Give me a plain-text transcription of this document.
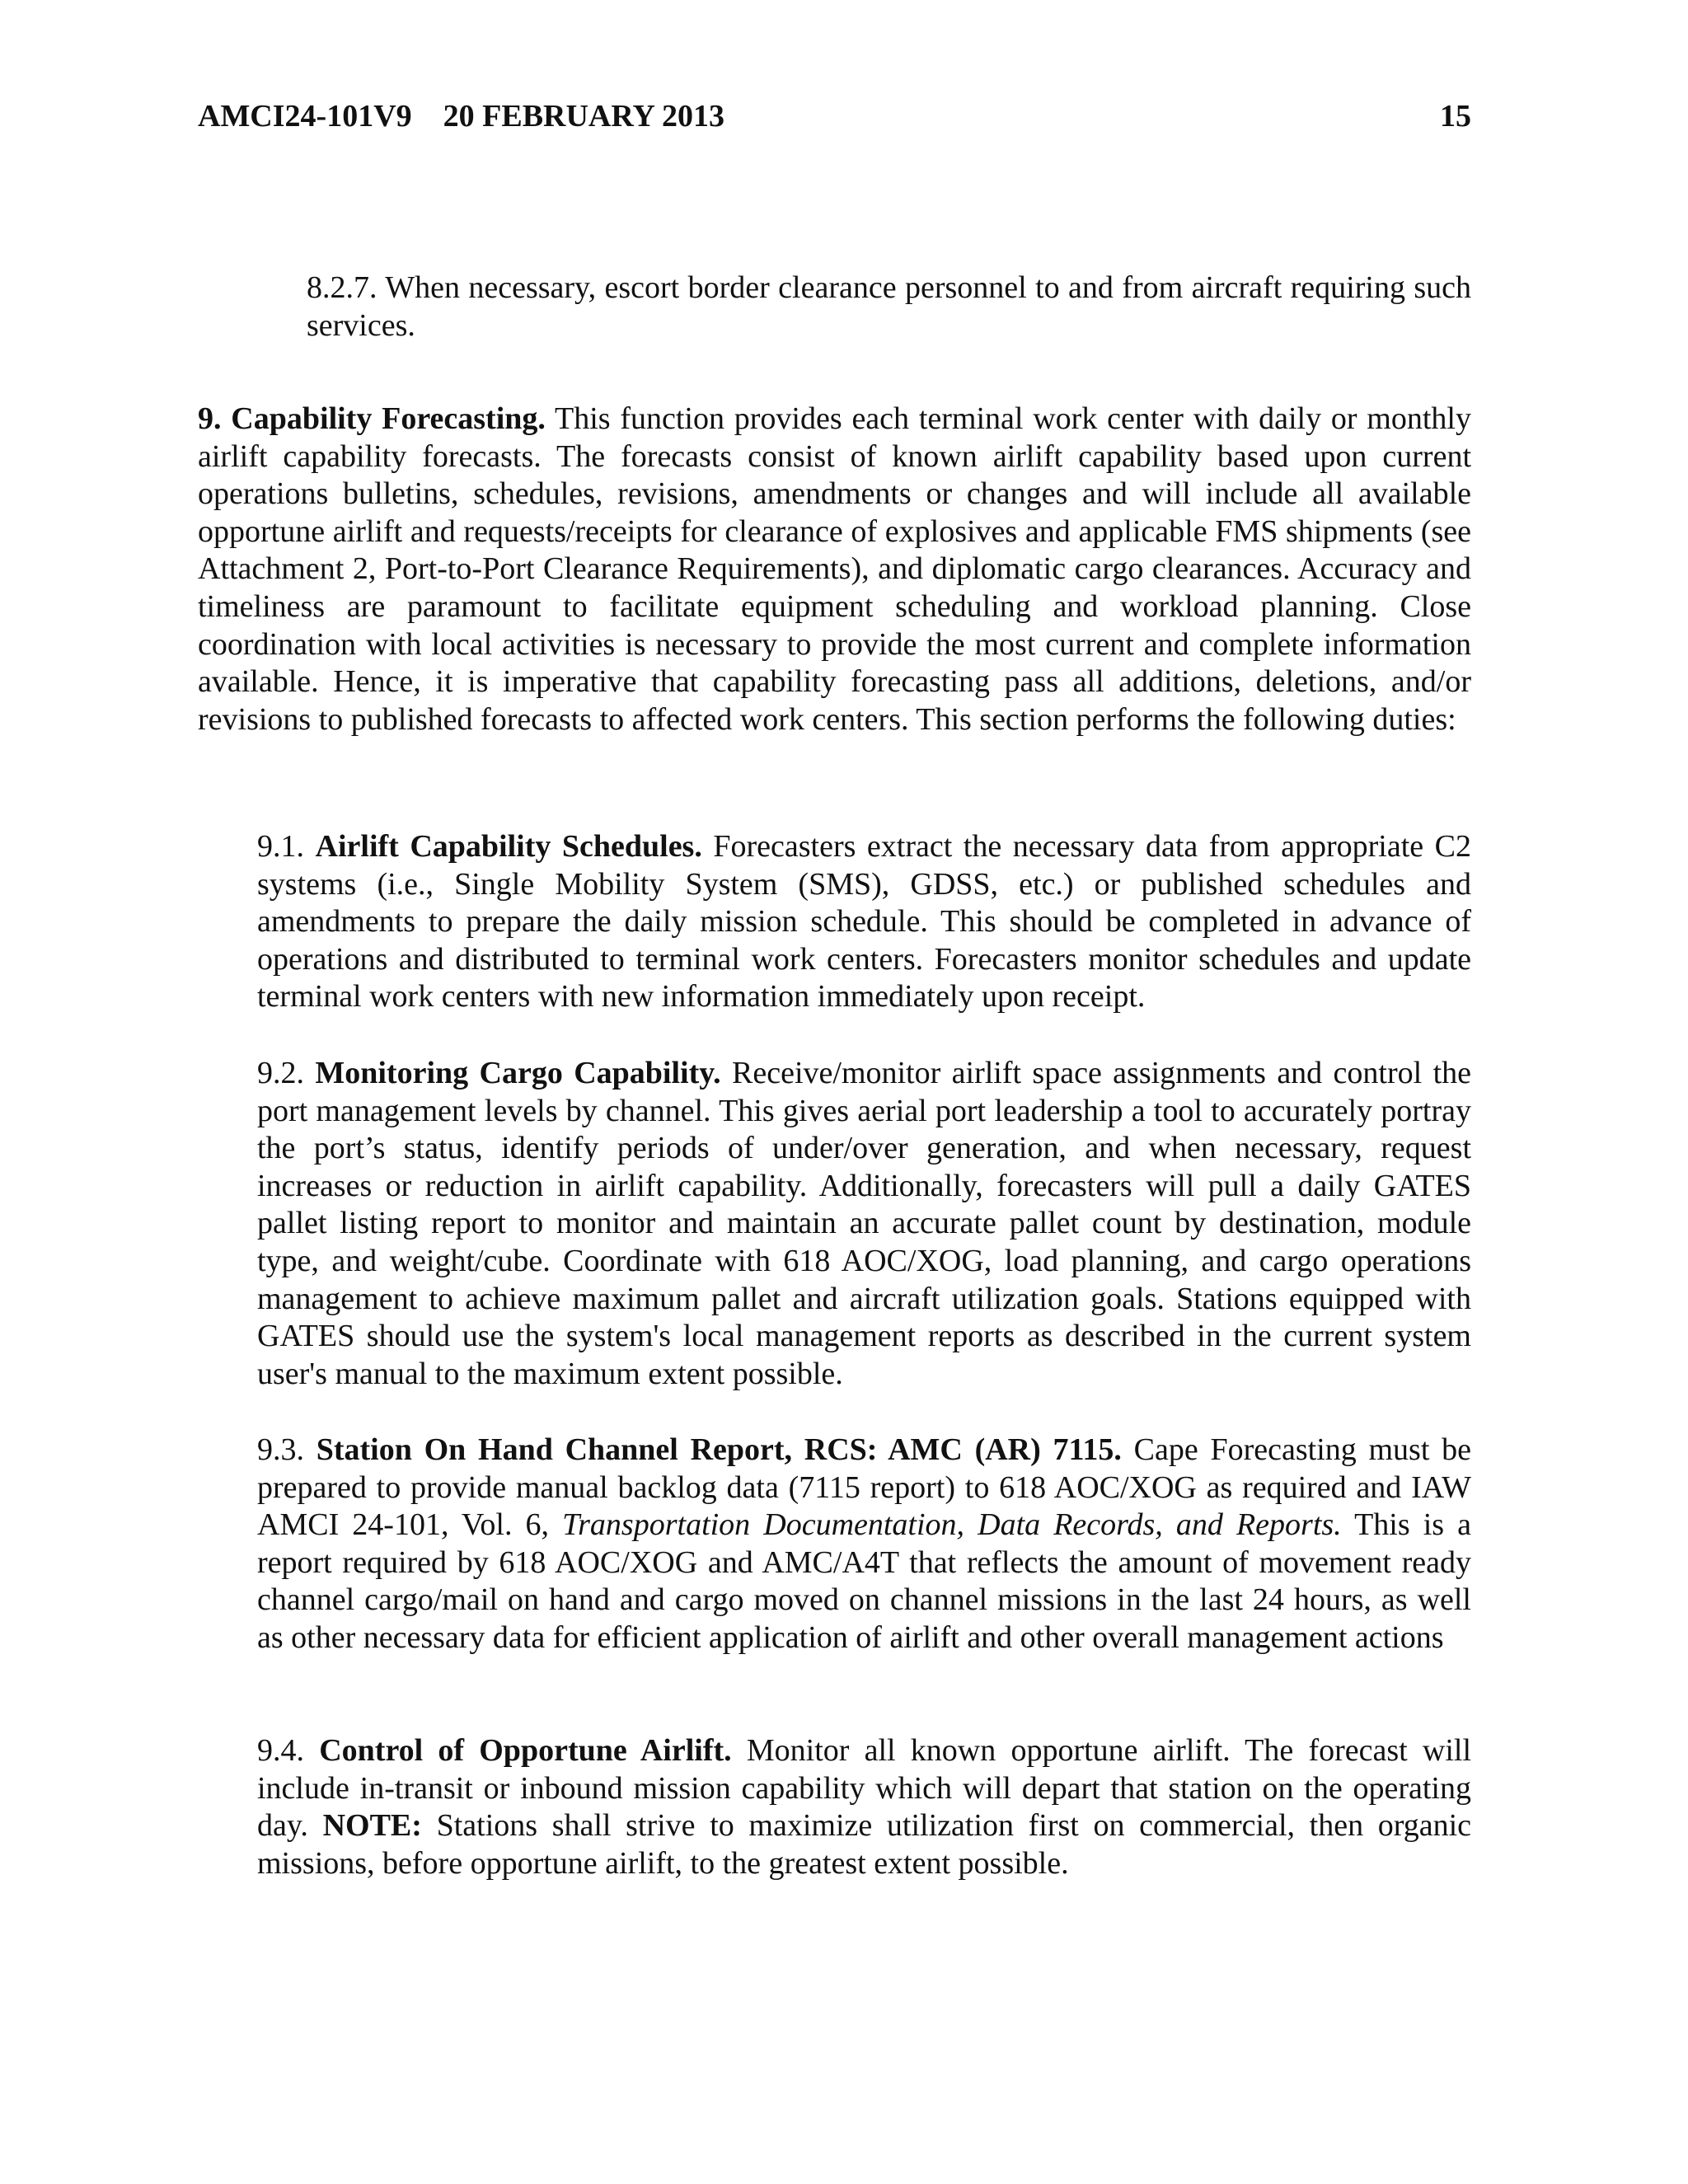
AMCI24-101V9 20 FEBRUARY 2013	15

8.2.7. When necessary, escort border clearance personnel to and from aircraft requiring such services.

9. Capability Forecasting. This function provides each terminal work center with daily or monthly airlift capability forecasts. The forecasts consist of known airlift capability based upon current operations bulletins, schedules, revisions, amendments or changes and will include all available opportune airlift and requests/receipts for clearance of explosives and applicable FMS shipments (see Attachment 2, Port-to-Port Clearance Requirements), and diplomatic cargo clearances. Accuracy and timeliness are paramount to facilitate equipment scheduling and workload planning. Close coordination with local activities is necessary to provide the most current and complete information available. Hence, it is imperative that capability forecasting pass all additions, deletions, and/or revisions to published forecasts to affected work centers. This section performs the following duties:

9.1. Airlift Capability Schedules. Forecasters extract the necessary data from appropriate C2 systems (i.e., Single Mobility System (SMS), GDSS, etc.) or published schedules and amendments to prepare the daily mission schedule. This should be completed in advance of operations and distributed to terminal work centers. Forecasters monitor schedules and update terminal work centers with new information immediately upon receipt.

9.2. Monitoring Cargo Capability. Receive/monitor airlift space assignments and control the port management levels by channel. This gives aerial port leadership a tool to accurately portray the port’s status, identify periods of under/over generation, and when necessary, request increases or reduction in airlift capability. Additionally, forecasters will pull a daily GATES pallet listing report to monitor and maintain an accurate pallet count by destination, module type, and weight/cube. Coordinate with 618 AOC/XOG, load planning, and cargo operations management to achieve maximum pallet and aircraft utilization goals. Stations equipped with GATES should use the system's local management reports as described in the current system user's manual to the maximum extent possible.

9.3. Station On Hand Channel Report, RCS: AMC (AR) 7115. Cape Forecasting must be prepared to provide manual backlog data (7115 report) to 618 AOC/XOG as required and IAW AMCI 24-101, Vol. 6, Transportation Documentation, Data Records, and Reports. This is a report required by 618 AOC/XOG and AMC/A4T that reflects the amount of movement ready channel cargo/mail on hand and cargo moved on channel missions in the last 24 hours, as well as other necessary data for efficient application of airlift and other overall management actions

9.4. Control of Opportune Airlift. Monitor all known opportune airlift. The forecast will include in-transit or inbound mission capability which will depart that station on the operating day. NOTE: Stations shall strive to maximize utilization first on commercial, then organic missions, before opportune airlift, to the greatest extent possible.
